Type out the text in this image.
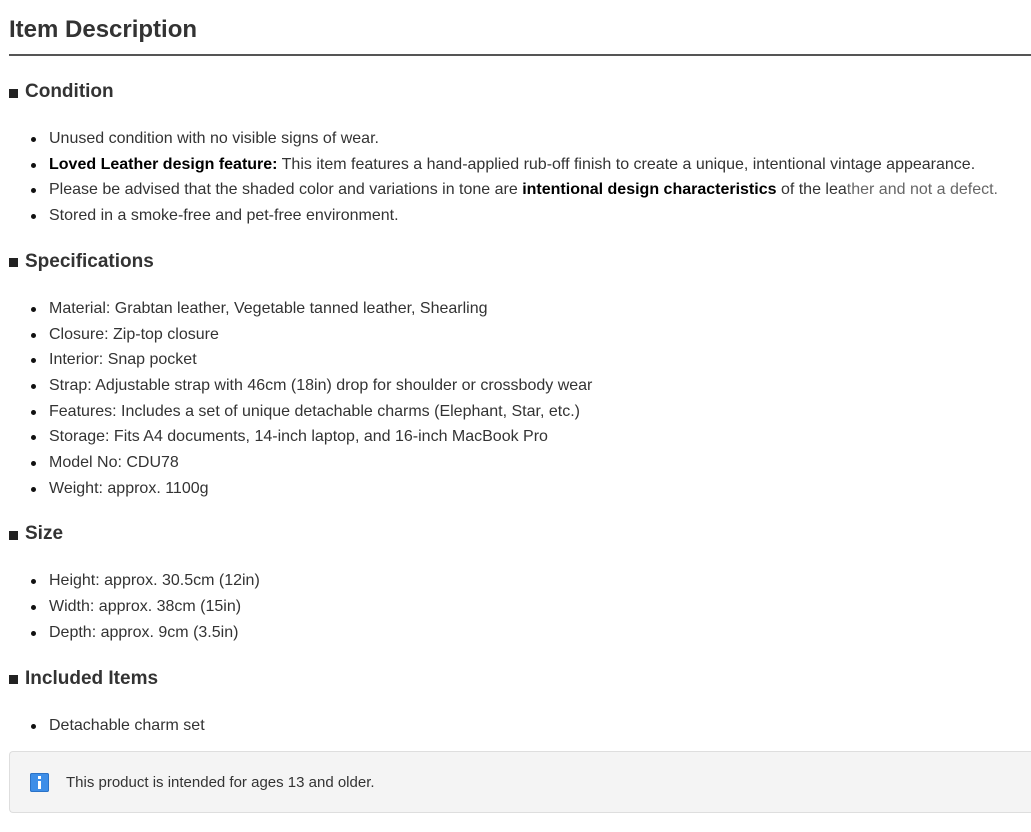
Item Description
Condition
Unused condition with no visible signs of wear.
Loved Leather design feature: This item features a hand-applied rub-off finish to create a unique, intentional vintage appearance.
Please be advised that the shaded color and variations in tone are intentional design characteristics of the leather and not a defect.
Stored in a smoke-free and pet-free environment.
Specifications
Material: Grabtan leather, Vegetable tanned leather, Shearling
Closure: Zip-top closure
Interior: Snap pocket
Strap: Adjustable strap with 46cm (18in) drop for shoulder or crossbody wear
Features: Includes a set of unique detachable charms (Elephant, Star, etc.)
Storage: Fits A4 documents, 14-inch laptop, and 16-inch MacBook Pro
Model No: CDU78
Weight: approx. 1100g
Size
Height: approx. 30.5cm (12in)
Width: approx. 38cm (15in)
Depth: approx. 9cm (3.5in)
Included Items
Detachable charm set
This product is intended for ages 13 and older.
